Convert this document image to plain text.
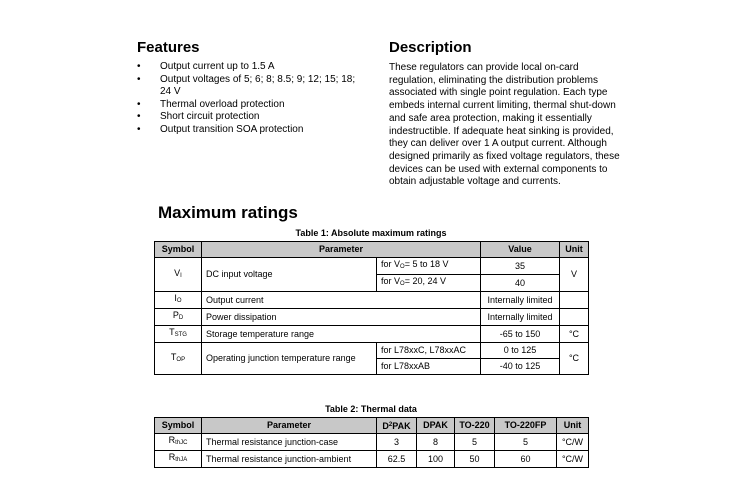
Features
• Output current up to 1.5 A
• Output voltages of 5; 6; 8; 8.5; 9; 12; 15; 18;
24 V
• Thermal overload protection
• Short circuit protection
• Output transition SOA protection
Description

These regulators can provide local on-card regulation, eliminating the distribution problems associated with single point regulation. Each type embeds internal current limiting, thermal shut-down and safe area protection, making it essentially indestructible. If adequate heat sinking is provided, they can deliver over 1 A output current. Although designed primarily as fixed voltage regulators, these devices can be used with external components to obtain adjustable voltage and currents.

Maximum ratings
Table 1: Absolute maximum ratings
Symbol	Parameter		Value	Unit
$V_I$	DC input voltage	for $V_O= 5$ to 18 V	35	V
		for $V_O= 20$, 24 V	40	
$I_O$	Output current		Internally limited	
$P_D$	Power dissipation		Internally limited	
$T_{STG}$	Storage temperature range		-65 to 150	°C
$T_{OP}$	Operating junction temperature range	for L78xxC, L78xxAC	0 to 125	°C
		for L78xxAB	-40 to 125	
Table 2: Thermal data
Symbol	Parameter	$D^2PAK$	DPAK	TO-220	TO-220FP	Unit
$R_{thJC}$	Thermal resistance junction-case	3	8	5	5	°C/W
$R_{thJA}$	Thermal resistance junction-ambient	62.5	100	50	60	°C/W
